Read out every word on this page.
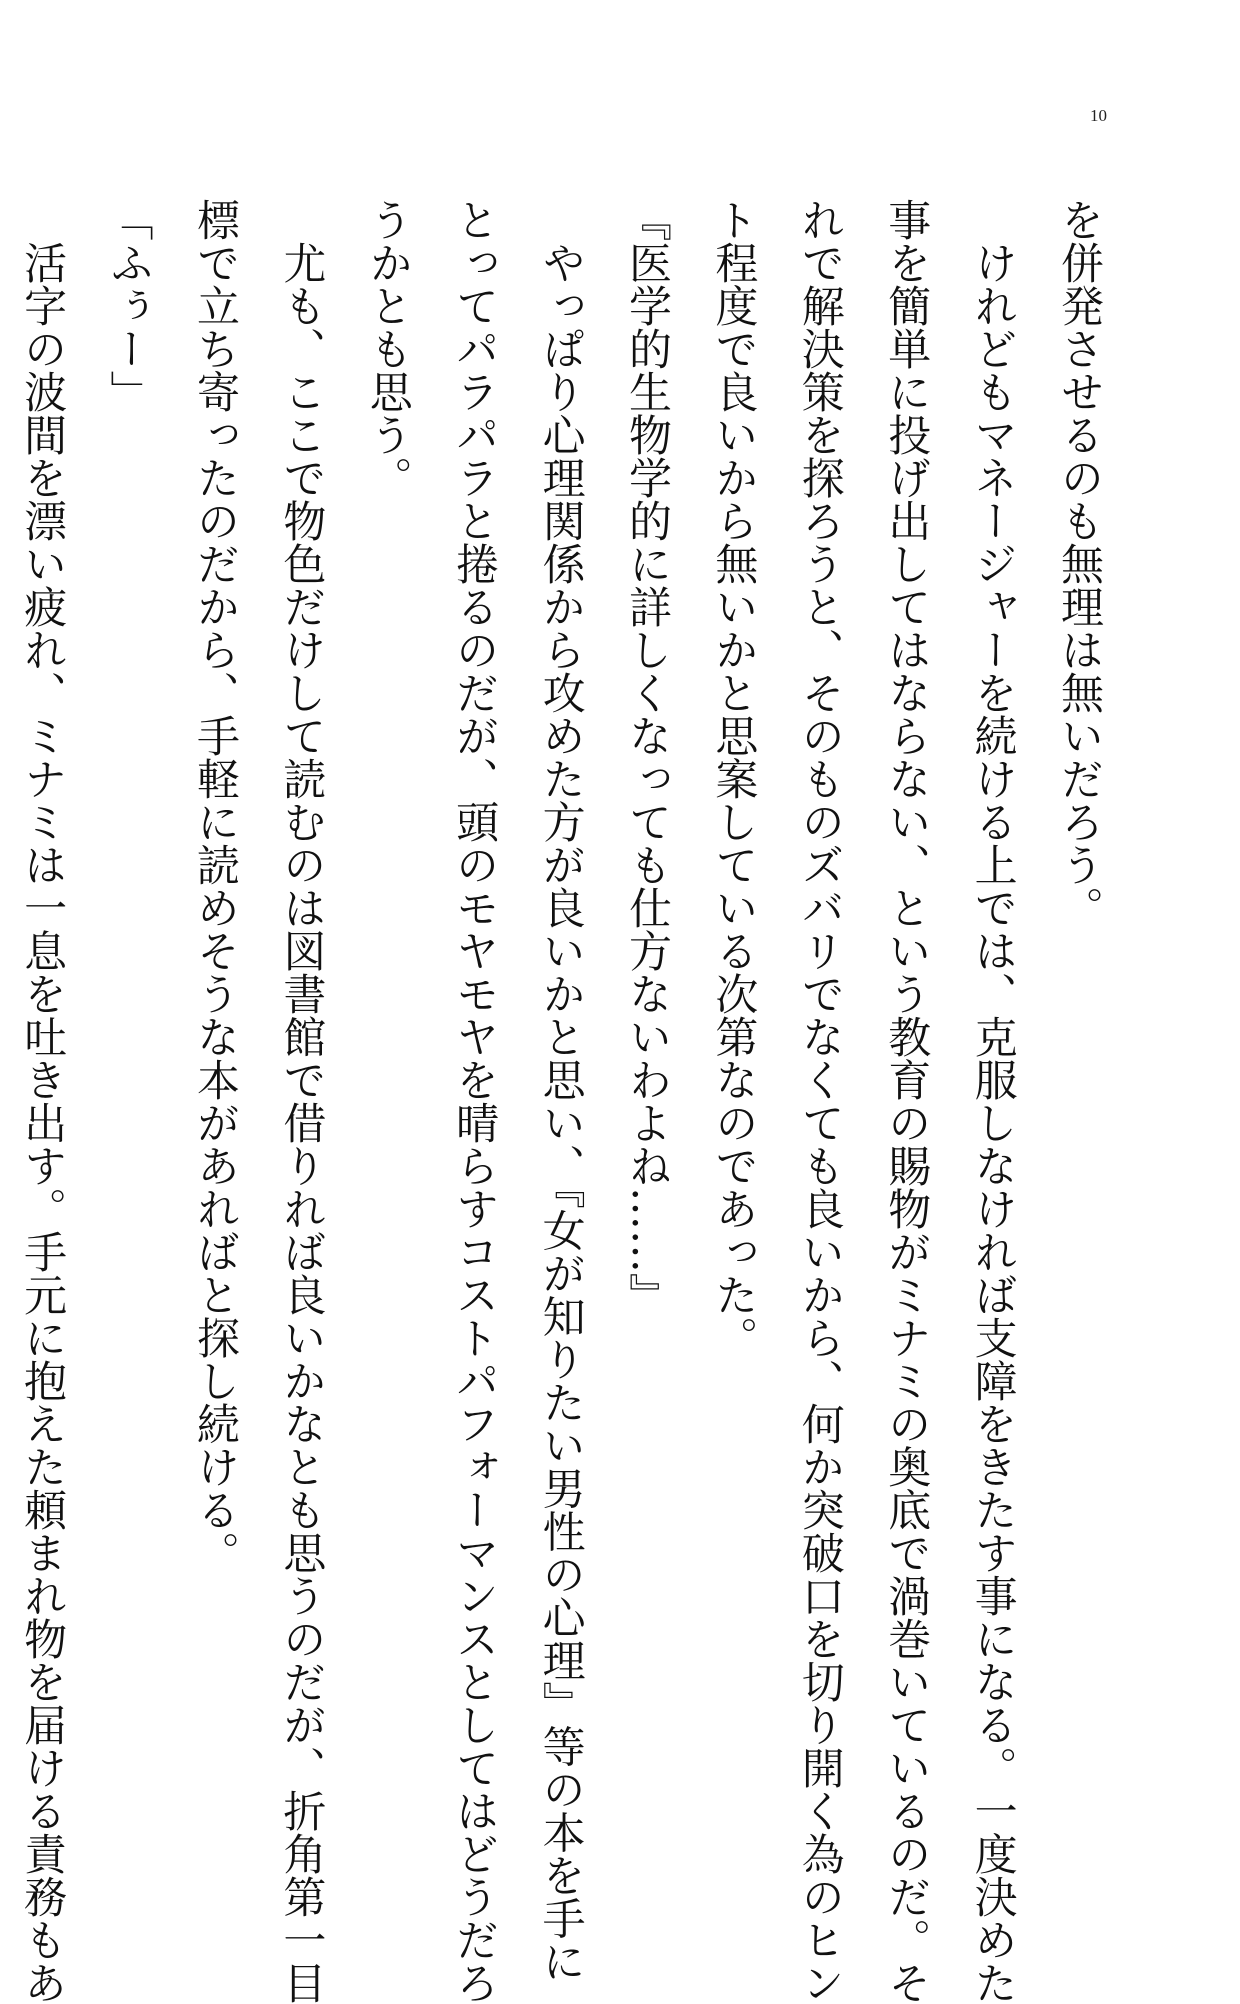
10
を併発させるのも無理は無いだろう。
　けれどもマネージャーを続ける上では、克服しなければ支障をきたす事になる。一度決めた
事を簡単に投げ出してはならない、という教育の賜物がミナミの奥底で渦巻いているのだ。そ
れで解決策を探ろうと、そのものズバリでなくても良いから、何か突破口を切り開く為のヒン
ト程度で良いから無いかと思案している次第なのであった。
『医学的生物学的に詳しくなっても仕方ないわよね……』
　やっぱり心理関係から攻めた方が良いかと思い、『女が知りたい男性の心理』等の本を手に
とってパラパラと捲るのだが、頭のモヤモヤを晴らすコストパフォーマンスとしてはどうだろ
うかとも思う。
　尤も、ここで物色だけして読むのは図書館で借りれば良いかなとも思うのだが、折角第一目
標で立ち寄ったのだから、手軽に読めそうな本があればと探し続ける。
「ふぅー」
　活字の波間を漂い疲れ、ミナミは一息を吐き出す。手元に抱えた頼まれ物を届ける責務もあ
